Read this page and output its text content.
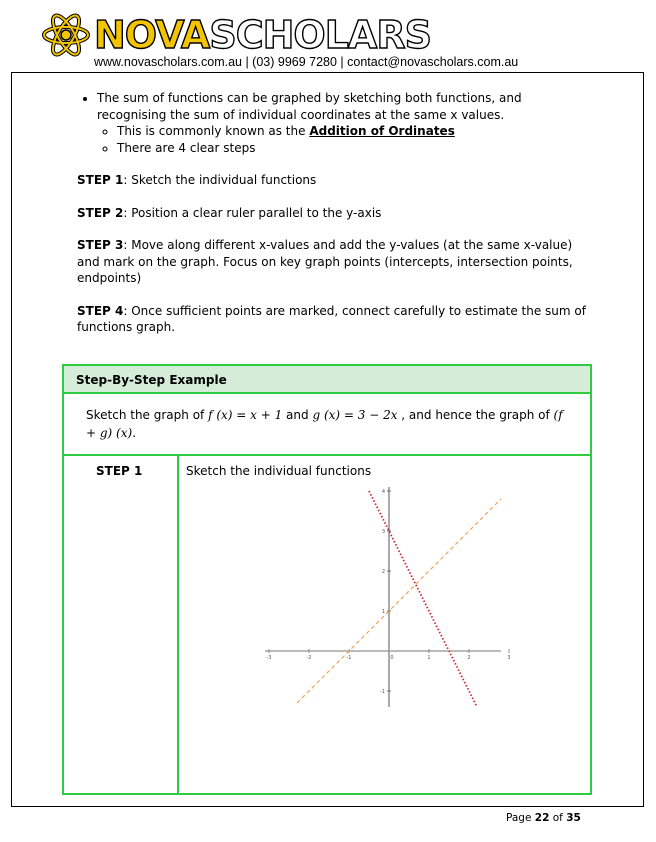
NOVASCHOLARS
www.novascholars.com.au | (03) 9969 7280 | contact@novascholars.com.au
• The sum of functions can be graphed by sketching both functions, and recognising the sum of individual coordinates at the same x values.
◦ This is commonly known as the Addition of Ordinates
◦ There are 4 clear steps

STEP 1: Sketch the individual functions

STEP 2: Position a clear ruler parallel to the y-axis

STEP 3: Move along different x-values and add the y-values (at the same x-value) and mark on the graph. Focus on key graph points (intercepts, intersection points, endpoints)

STEP 4: Once sufficient points are marked, connect carefully to estimate the sum of functions graph.

Step-By-Step Example
Sketch the graph of f (x) = x + 1 and g (x) = 3 − 2x , and hence the graph of (f + g) (x).
STEP 1	Sketch the individual functions
-3	-2	-1	0	1	2	3
4
3
2
1
-1
Page 22 of 35
